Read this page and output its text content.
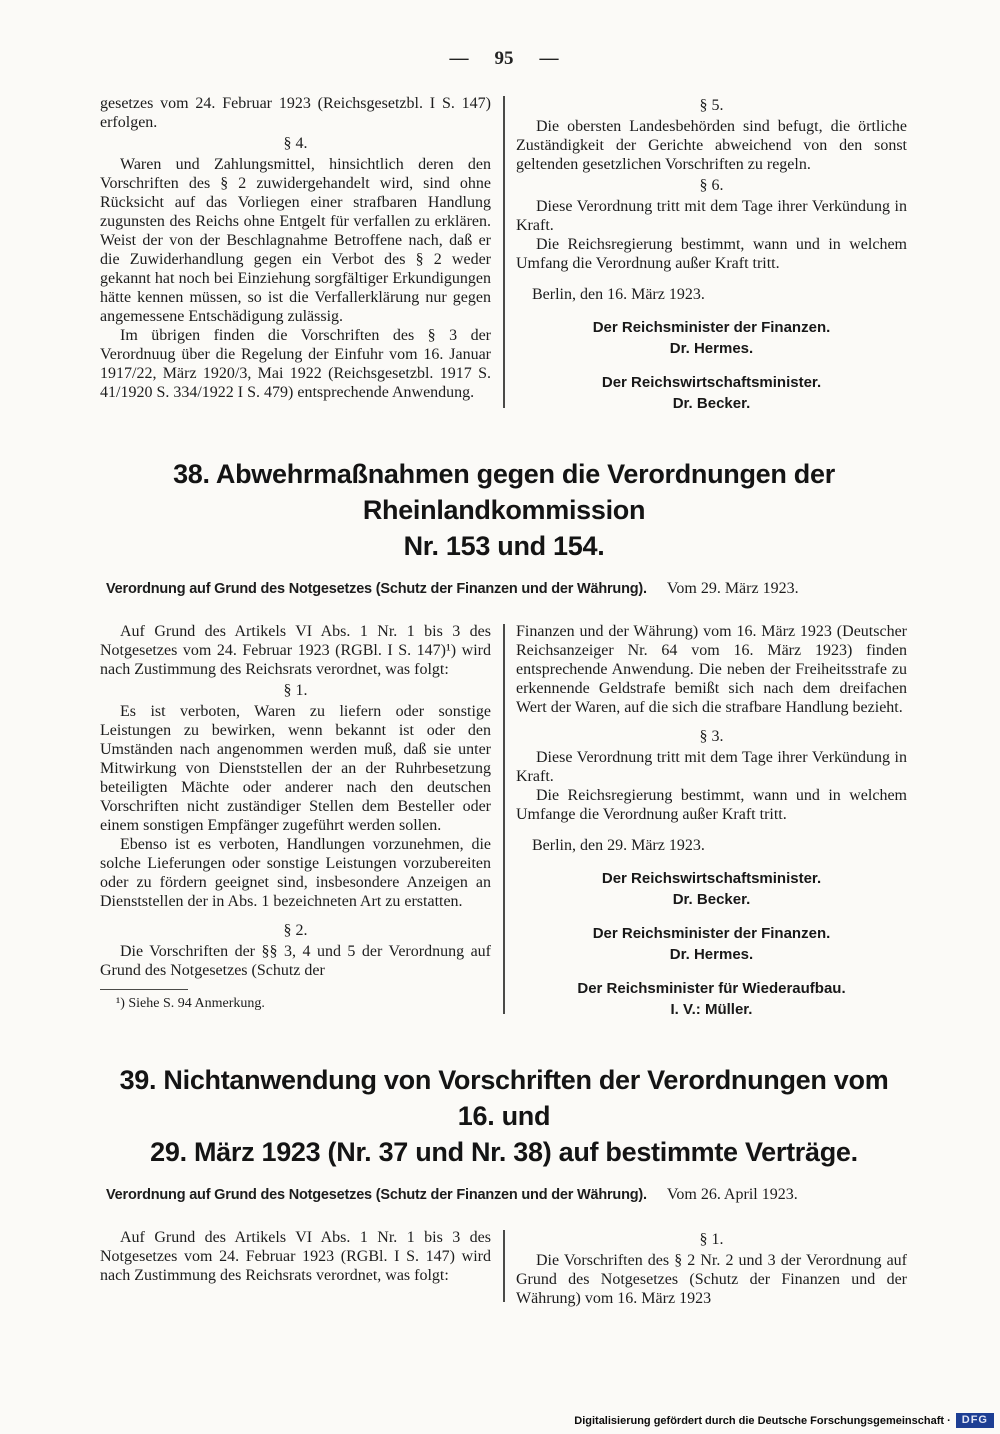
— 95 —

gesetzes vom 24. Februar 1923 (Reichsgesetzbl. I S. 147) erfolgen.

§ 4.

Waren und Zahlungsmittel, hinsichtlich deren den Vorschriften des § 2 zuwidergehandelt wird, sind ohne Rücksicht auf das Vorliegen einer strafbaren Handlung zugunsten des Reichs ohne Entgelt für verfallen zu erklären. Weist der von der Beschlagnahme Betroffene nach, daß er die Zuwiderhandlung gegen ein Verbot des § 2 weder gekannt hat noch bei Einziehung sorgfältiger Erkundigungen hätte kennen müssen, so ist die Verfallerklärung nur gegen angemessene Entschädigung zulässig.

Im übrigen finden die Vorschriften des § 3 der Verordnuug über die Regelung der Einfuhr vom 16. Januar 1917/22, März 1920/3, Mai 1922 (Reichsgesetzbl. 1917 S. 41/1920 S. 334/1922 I S. 479) entsprechende Anwendung.

§ 5.

Die obersten Landesbehörden sind befugt, die örtliche Zuständigkeit der Gerichte abweichend von den sonst geltenden gesetzlichen Vorschriften zu regeln.

§ 6.

Diese Verordnung tritt mit dem Tage ihrer Verkündung in Kraft.

Die Reichsregierung bestimmt, wann und in welchem Umfang die Verordnung außer Kraft tritt.

Berlin, den 16. März 1923.

Der Reichsminister der Finanzen.
Dr. Hermes.
Der Reichswirtschaftsminister.
Dr. Becker.
38. Abwehrmaßnahmen gegen die Verordnungen der Rheinlandkommission
Nr. 153 und 154.
Verordnung auf Grund des Notgesetzes (Schutz der Finanzen und der Währung). Vom 29. März 1923.

Auf Grund des Artikels VI Abs. 1 Nr. 1 bis 3 des Notgesetzes vom 24. Februar 1923 (RGBl. I S. 147)¹) wird nach Zustimmung des Reichsrats verordnet, was folgt:

§ 1.

Es ist verboten, Waren zu liefern oder sonstige Leistungen zu bewirken, wenn bekannt ist oder den Umständen nach angenommen werden muß, daß sie unter Mitwirkung von Dienststellen der an der Ruhrbesetzung beteiligten Mächte oder anderer nach den deutschen Vorschriften nicht zuständiger Stellen dem Besteller oder einem sonstigen Empfänger zugeführt werden sollen.

Ebenso ist es verboten, Handlungen vorzunehmen, die solche Lieferungen oder sonstige Leistungen vorzubereiten oder zu fördern geeignet sind, insbesondere Anzeigen an Dienststellen der in Abs. 1 bezeichneten Art zu erstatten.

§ 2.

Die Vorschriften der §§ 3, 4 und 5 der Verordnung auf Grund des Notgesetzes (Schutz der

¹) Siehe S. 94 Anmerkung.

Finanzen und der Währung) vom 16. März 1923 (Deutscher Reichsanzeiger Nr. 64 vom 16. März 1923) finden entsprechende Anwendung. Die neben der Freiheitsstrafe zu erkennende Geldstrafe bemißt sich nach dem dreifachen Wert der Waren, auf die sich die strafbare Handlung bezieht.

§ 3.

Diese Verordnung tritt mit dem Tage ihrer Verkündung in Kraft.

Die Reichsregierung bestimmt, wann und in welchem Umfange die Verordnung außer Kraft tritt.

Berlin, den 29. März 1923.

Der Reichswirtschaftsminister.
Dr. Becker.
Der Reichsminister der Finanzen.
Dr. Hermes.
Der Reichsminister für Wiederaufbau.
I. V.: Müller.
39. Nichtanwendung von Vorschriften der Verordnungen vom 16. und
29. März 1923 (Nr. 37 und Nr. 38) auf bestimmte Verträge.
Verordnung auf Grund des Notgesetzes (Schutz der Finanzen und der Währung). Vom 26. April 1923.

Auf Grund des Artikels VI Abs. 1 Nr. 1 bis 3 des Notgesetzes vom 24. Februar 1923 (RGBl. I S. 147) wird nach Zustimmung des Reichsrats verordnet, was folgt:

§ 1.

Die Vorschriften des § 2 Nr. 2 und 3 der Verordnung auf Grund des Notgesetzes (Schutz der Finanzen und der Währung) vom 16. März 1923

Digitalisierung gefördert durch die Deutsche Forschungsgemeinschaft ·	DFG
